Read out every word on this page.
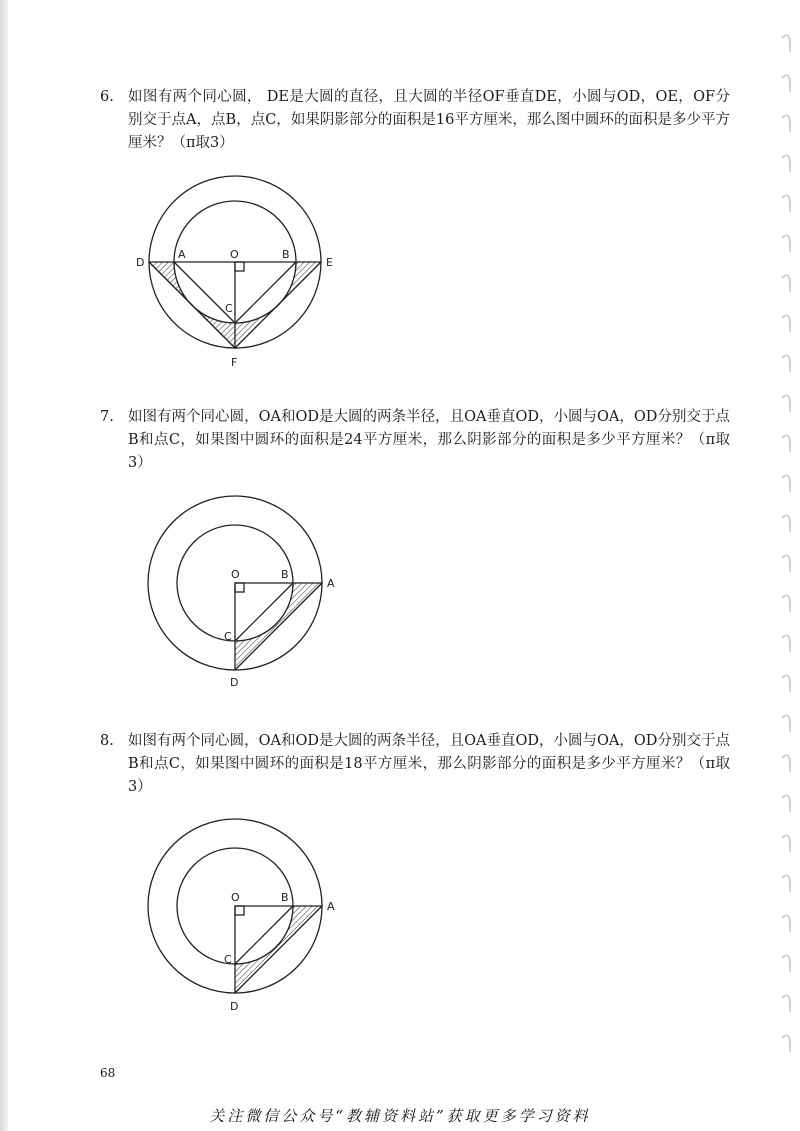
6. 如图有两个同心圆， DE是大圆的直径，且大圆的半径OF垂直DE，小圆与OD，OE，OF分别交于点A，点B，点C，如果阴影部分的面积是16平方厘米，那么图中圆环的面积是多少平方厘米？（π取3）
D
A	O	B
E
C
F
7. 如图有两个同心圆，OA和OD是大圆的两条半径，且OA垂直OD，小圆与OA，OD分别交于点B和点C，如果图中圆环的面积是24平方厘米，那么阴影部分的面积是多少平方厘米？（π取3）
O	B
A
C
D
8. 如图有两个同心圆，OA和OD是大圆的两条半径，且OA垂直OD，小圆与OA，OD分别交于点B和点C，如果图中圆环的面积是18平方厘米，那么阴影部分的面积是多少平方厘米？（π取3）
O	B
A
C
D
68
关注微信公众号“教辅资料站”获取更多学习资料
